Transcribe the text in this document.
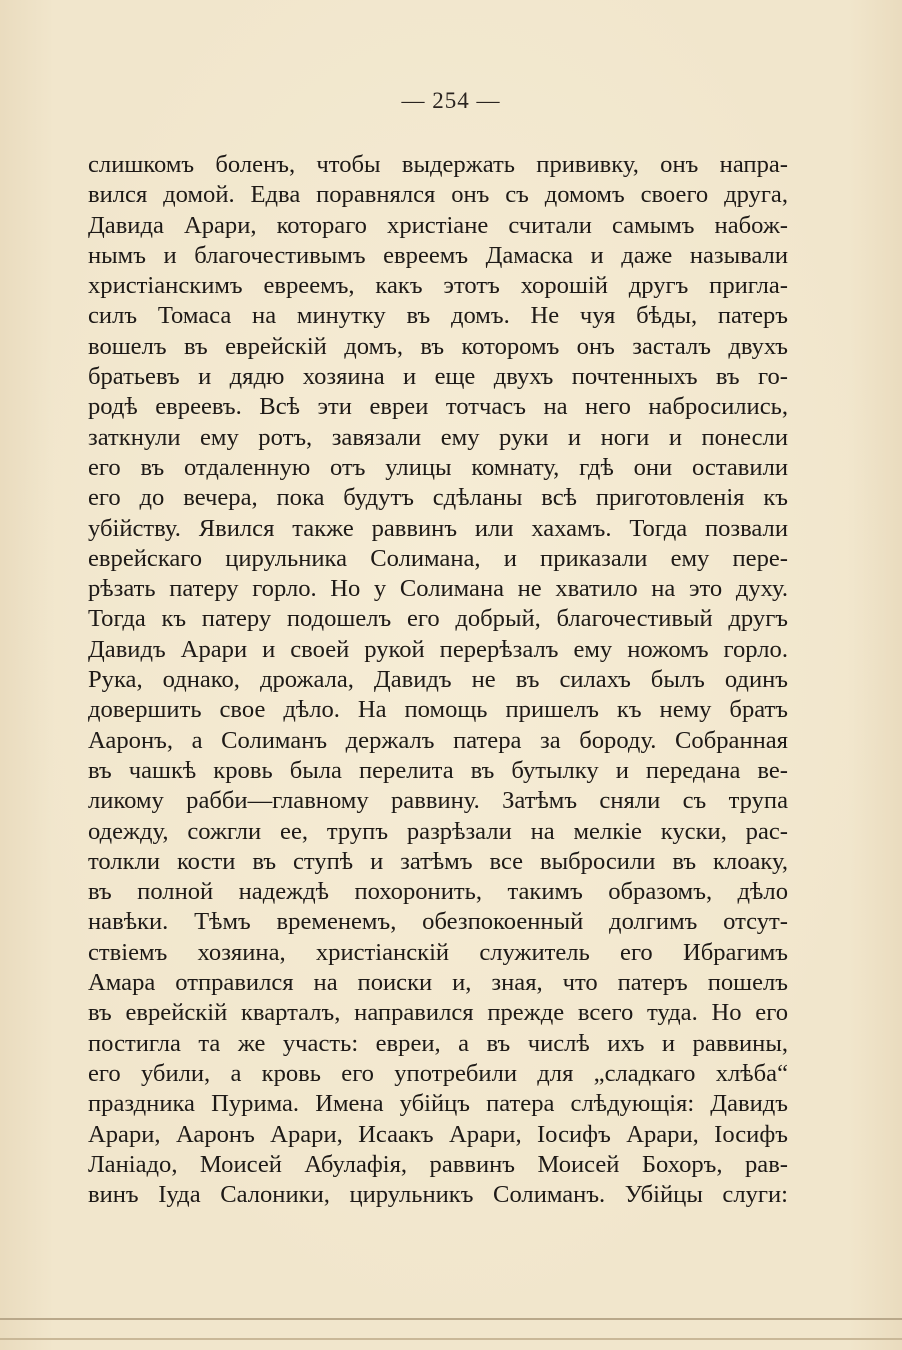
— 254 —
слишкомъ боленъ, чтобы выдержать прививку, онъ напра-
вился домой. Едва поравнялся онъ съ домомъ своего друга,
Давида Арари, котораго христіане считали самымъ набож-
нымъ и благочестивымъ евреемъ Дамаска и даже называли
христіанскимъ евреемъ, какъ этотъ хорошій другъ пригла-
силъ Томаса на минутку въ домъ. Не чуя бѣды, патеръ
вошелъ въ еврейскій домъ, въ которомъ онъ засталъ двухъ
братьевъ и дядю хозяина и еще двухъ почтенныхъ въ го-
родѣ евреевъ. Всѣ эти евреи тотчасъ на него набросились,
заткнули ему ротъ, завязали ему руки и ноги и понесли
его въ отдаленную отъ улицы комнату, гдѣ они оставили
его до вечера, пока будутъ сдѣланы всѣ приготовленія къ
убійству. Явился также раввинъ или хахамъ. Тогда позвали
еврейскаго цирульника Солимана, и приказали ему пере-
рѣзать патеру горло. Но у Солимана не хватило на это духу.
Тогда къ патеру подошелъ его добрый, благочестивый другъ
Давидъ Арари и своей рукой перерѣзалъ ему ножомъ горло.
Рука, однако, дрожала, Давидъ не въ силахъ былъ одинъ
довершить свое дѣло. На помощь пришелъ къ нему братъ
Ааронъ, а Солиманъ держалъ патера за бороду. Собранная
въ чашкѣ кровь была перелита въ бутылку и передана ве-
ликому рабби—главному раввину. Затѣмъ сняли съ трупа
одежду, сожгли ее, трупъ разрѣзали на мелкіе куски, рас-
толкли кости въ ступѣ и затѣмъ все выбросили въ клоаку,
въ полной надеждѣ похоронить, такимъ образомъ, дѣло
навѣки. Тѣмъ временемъ, обезпокоенный долгимъ отсут-
ствіемъ хозяина, христіанскій служитель его Ибрагимъ
Амара отправился на поиски и, зная, что патеръ пошелъ
въ еврейскій кварталъ, направился прежде всего туда. Но его
постигла та же участь: евреи, а въ числѣ ихъ и раввины,
его убили, а кровь его употребили для „сладкаго хлѣба“
праздника Пурима. Имена убійцъ патера слѣдующія: Давидъ
Арари, Ааронъ Арари, Исаакъ Арари, Іосифъ Арари, Іосифъ
Ланіадо, Моисей Абулафія, раввинъ Моисей Бохоръ, рав-
винъ Іуда Салоники, цирульникъ Солиманъ. Убійцы слуги:
